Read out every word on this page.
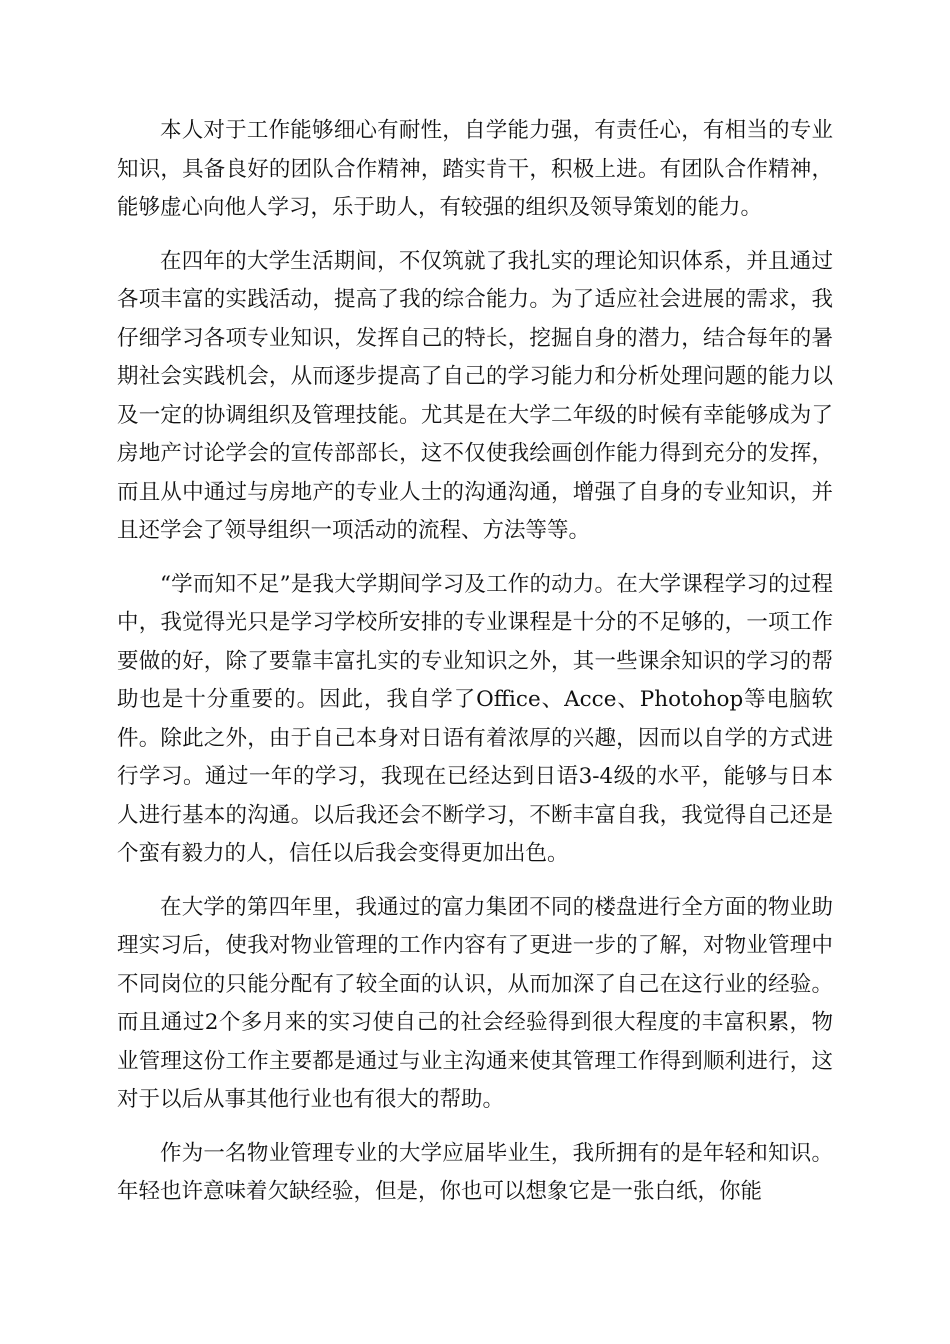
本人对于工作能够细心有耐性，自学能力强，有责任心，有相当的专业知识，具备良好的团队合作精神，踏实肯干，积极上进。有团队合作精神，能够虚心向他人学习，乐于助人，有较强的组织及领导策划的能力。

在四年的大学生活期间，不仅筑就了我扎实的理论知识体系，并且通过各项丰富的实践活动，提高了我的综合能力。为了适应社会进展的需求，我仔细学习各项专业知识，发挥自己的特长，挖掘自身的潜力，结合每年的暑期社会实践机会，从而逐步提高了自己的学习能力和分析处理问题的能力以及一定的协调组织及管理技能。尤其是在大学二年级的时候有幸能够成为了房地产讨论学会的宣传部部长，这不仅使我绘画创作能力得到充分的发挥，而且从中通过与房地产的专业人士的沟通沟通，增强了自身的专业知识，并且还学会了领导组织一项活动的流程、方法等等。

“学而知不足”是我大学期间学习及工作的动力。在大学课程学习的过程中，我觉得光只是学习学校所安排的专业课程是十分的不足够的，一项工作要做的好，除了要靠丰富扎实的专业知识之外，其一些课余知识的学习的帮助也是十分重要的。因此，我自学了Office、Acce、Photohop等电脑软件。除此之外，由于自己本身对日语有着浓厚的兴趣，因而以自学的方式进行学习。通过一年的学习，我现在已经达到日语3-4级的水平，能够与日本人进行基本的沟通。以后我还会不断学习，不断丰富自我，我觉得自己还是个蛮有毅力的人，信任以后我会变得更加出色。

在大学的第四年里，我通过的富力集团不同的楼盘进行全方面的物业助理实习后，使我对物业管理的工作内容有了更进一步的了解，对物业管理中不同岗位的只能分配有了较全面的认识，从而加深了自己在这行业的经验。而且通过2个多月来的实习使自己的社会经验得到很大程度的丰富积累，物业管理这份工作主要都是通过与业主沟通来使其管理工作得到顺利进行，这对于以后从事其他行业也有很大的帮助。

作为一名物业管理专业的大学应届毕业生，我所拥有的是年轻和知识。年轻也许意味着欠缺经验，但是，你也可以想象它是一张白纸，你能
